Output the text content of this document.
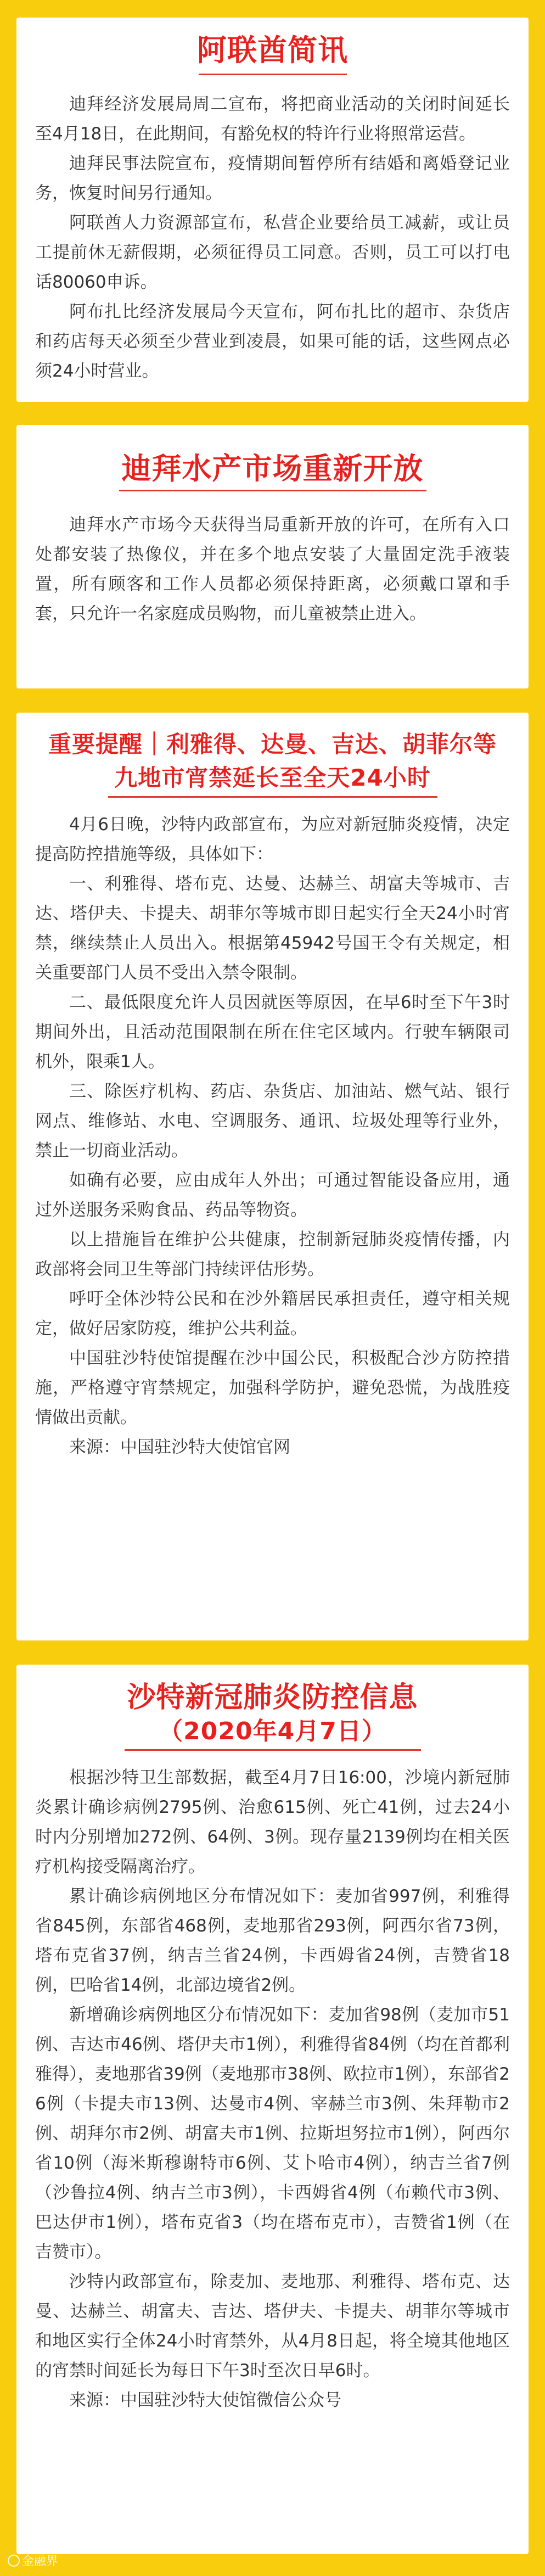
阿联酋简讯

迪拜经济发展局周二宣布，将把商业活动的关闭时间延长至4月18日，在此期间，有豁免权的特许行业将照常运营。

迪拜民事法院宣布，疫情期间暂停所有结婚和离婚登记业务，恢复时间另行通知。

阿联酋人力资源部宣布，私营企业要给员工减薪，或让员工提前休无薪假期，必须征得员工同意。否则，员工可以打电话80060申诉。

阿布扎比经济发展局今天宣布，阿布扎比的超市、杂货店和药店每天必须至少营业到凌晨，如果可能的话，这些网点必须24小时营业。

迪拜水产市场重新开放

迪拜水产市场今天获得当局重新开放的许可，在所有入口处都安装了热像仪，并在多个地点安装了大量固定洗手液装置，所有顾客和工作人员都必须保持距离，必须戴口罩和手套，只允许一名家庭成员购物，而儿童被禁止进入。

重要提醒｜利雅得、达曼、吉达、胡菲尔等
九地市宵禁延长至全天24小时

4月6日晚，沙特内政部宣布，为应对新冠肺炎疫情，决定提高防控措施等级，具体如下：

一、利雅得、塔布克、达曼、达赫兰、胡富夫等城市、吉达、塔伊夫、卡提夫、胡菲尔等城市即日起实行全天24小时宵禁，继续禁止人员出入。根据第45942号国王令有关规定，相关重要部门人员不受出入禁令限制。

二、最低限度允许人员因就医等原因，在早6时至下午3时期间外出，且活动范围限制在所在住宅区域内。行驶车辆限司机外，限乘1人。

三、除医疗机构、药店、杂货店、加油站、燃气站、银行网点、维修站、水电、空调服务、通讯、垃圾处理等行业外，禁止一切商业活动。

如确有必要，应由成年人外出；可通过智能设备应用，通过外送服务采购食品、药品等物资。

以上措施旨在维护公共健康，控制新冠肺炎疫情传播，内政部将会同卫生等部门持续评估形势。

呼吁全体沙特公民和在沙外籍居民承担责任，遵守相关规定，做好居家防疫，维护公共利益。

中国驻沙特使馆提醒在沙中国公民，积极配合沙方防控措施，严格遵守宵禁规定，加强科学防护，避免恐慌，为战胜疫情做出贡献。

来源：中国驻沙特大使馆官网

沙特新冠肺炎防控信息
（2020年4月7日）

根据沙特卫生部数据，截至4月7日16:00，沙境内新冠肺炎累计确诊病例2795例、治愈615例、死亡41例，过去24小时内分别增加272例、64例、3例。现存量2139例均在相关医疗机构接受隔离治疗。

累计确诊病例地区分布情况如下：麦加省997例，利雅得省845例，东部省468例，麦地那省293例，阿西尔省73例，塔布克省37例，纳吉兰省24例，卡西姆省24例，吉赞省18例，巴哈省14例，北部边境省2例。

新增确诊病例地区分布情况如下：麦加省98例（麦加市51例、吉达市46例、塔伊夫市1例），利雅得省84例（均在首都利雅得），麦地那省39例（麦地那市38例、欧拉市1例），东部省26例（卡提夫市13例、达曼市4例、宰赫兰市3例、朱拜勒市2例、胡拜尔市2例、胡富夫市1例、拉斯坦努拉市1例），阿西尔省10例（海米斯穆谢特市6例、艾卜哈市4例），纳吉兰省7例（沙鲁拉4例、纳吉兰市3例），卡西姆省4例（布赖代市3例、巴达伊市1例），塔布克省3（均在塔布克市），吉赞省1例（在吉赞市）。

沙特内政部宣布，除麦加、麦地那、利雅得、塔布克、达曼、达赫兰、胡富夫、吉达、塔伊夫、卡提夫、胡菲尔等城市和地区实行全体24小时宵禁外，从4月8日起，将全境其他地区的宵禁时间延长为每日下午3时至次日早6时。

来源：中国驻沙特大使馆微信公众号

金融界
